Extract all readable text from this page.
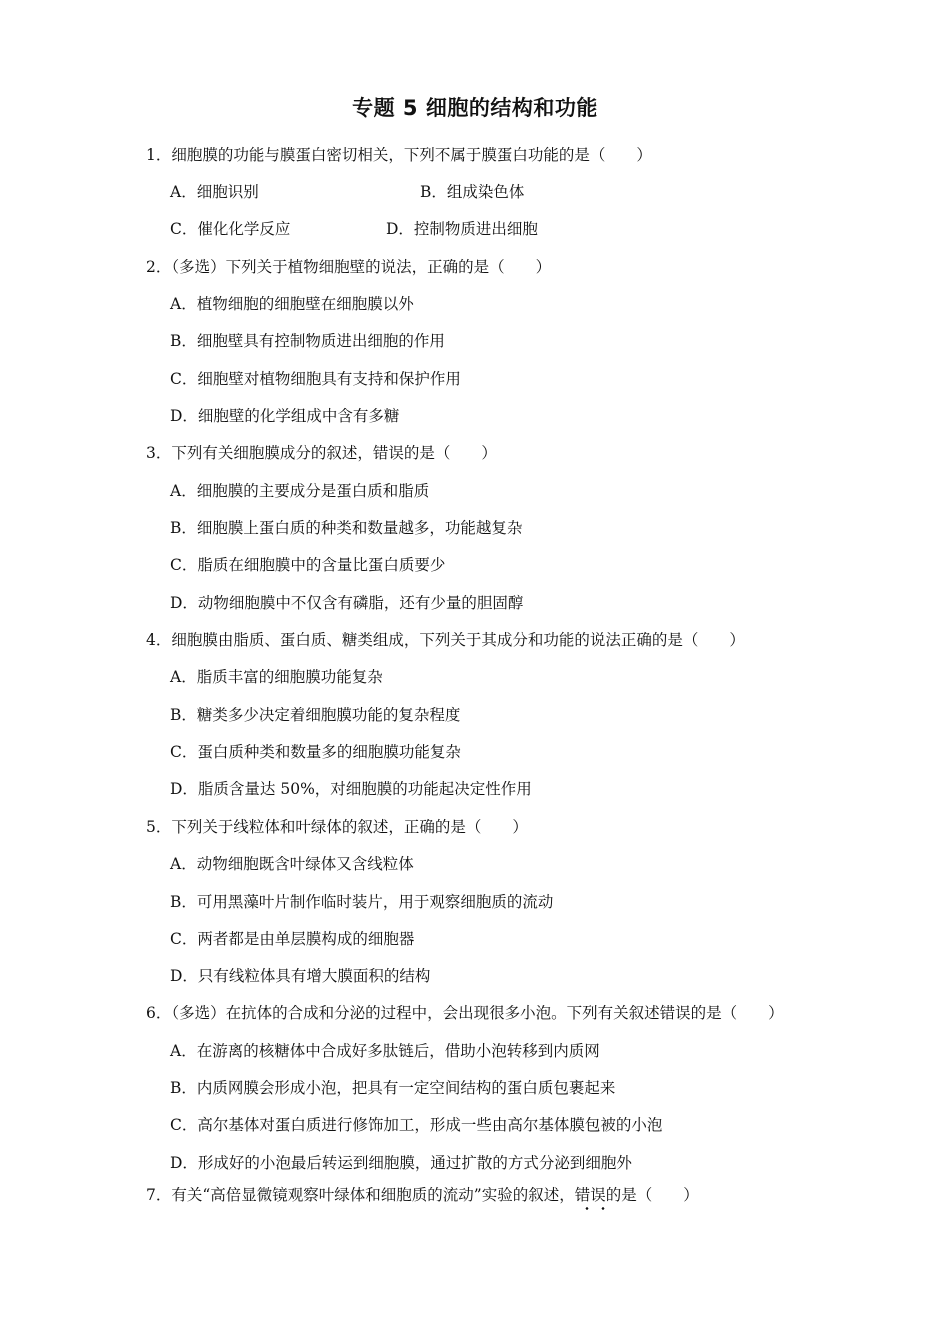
专题 5 细胞的结构和功能
1．细胞膜的功能与膜蛋白密切相关，下列不属于膜蛋白功能的是（　　）
A．细胞识别	B．组成染色体
C．催化化学反应	D．控制物质进出细胞
2．（多选）下列关于植物细胞壁的说法，正确的是（　　）
A．植物细胞的细胞壁在细胞膜以外
B．细胞壁具有控制物质进出细胞的作用
C．细胞壁对植物细胞具有支持和保护作用
D．细胞壁的化学组成中含有多糖
3．下列有关细胞膜成分的叙述，错误的是（　　）
A．细胞膜的主要成分是蛋白质和脂质
B．细胞膜上蛋白质的种类和数量越多，功能越复杂
C．脂质在细胞膜中的含量比蛋白质要少
D．动物细胞膜中不仅含有磷脂，还有少量的胆固醇
4．细胞膜由脂质、蛋白质、糖类组成，下列关于其成分和功能的说法正确的是（　　）
A．脂质丰富的细胞膜功能复杂
B．糖类多少决定着细胞膜功能的复杂程度
C．蛋白质种类和数量多的细胞膜功能复杂
D．脂质含量达 50%，对细胞膜的功能起决定性作用
5．下列关于线粒体和叶绿体的叙述，正确的是（　　）
A．动物细胞既含叶绿体又含线粒体
B．可用黑藻叶片制作临时装片，用于观察细胞质的流动
C．两者都是由单层膜构成的细胞器
D．只有线粒体具有增大膜面积的结构
6．（多选）在抗体的合成和分泌的过程中，会出现很多小泡。下列有关叙述错误的是（　　）
A．在游离的核糖体中合成好多肽链后，借助小泡转移到内质网
B．内质网膜会形成小泡，把具有一定空间结构的蛋白质包裹起来
C．高尔基体对蛋白质进行修饰加工，形成一些由高尔基体膜包被的小泡
D．形成好的小泡最后转运到细胞膜，通过扩散的方式分泌到细胞外
7．有关“高倍显微镜观察叶绿体和细胞质的流动”实验的叙述，错误的是（　　）
